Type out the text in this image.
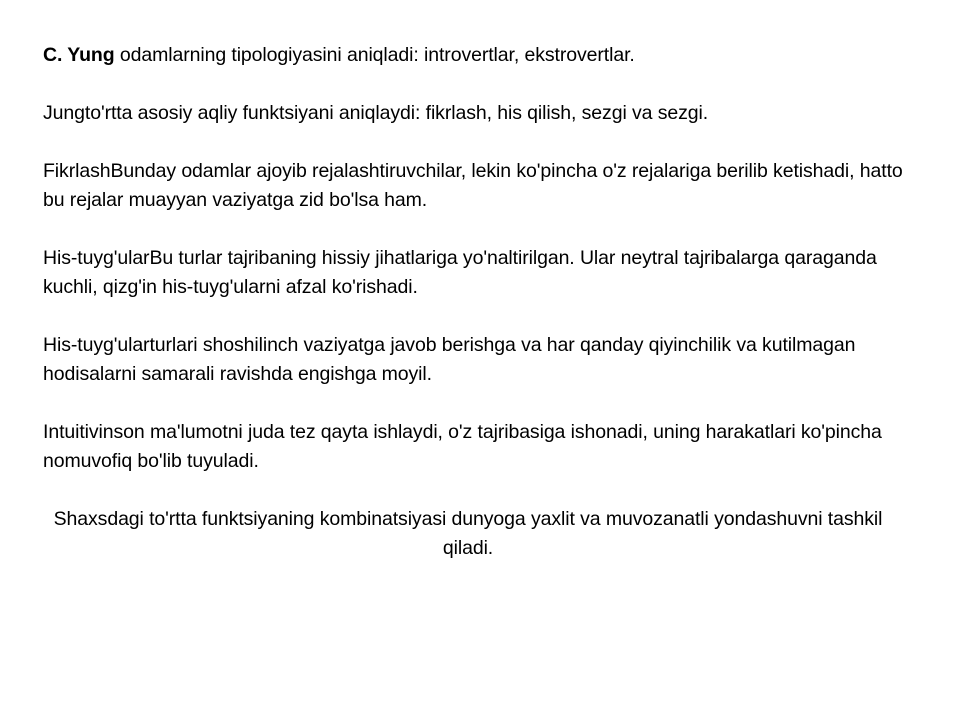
C. Yung odamlarning tipologiyasini aniqladi: introvertlar, ekstrovertlar.

Jungto'rtta asosiy aqliy funktsiyani aniqlaydi: fikrlash, his qilish, sezgi va sezgi.

FikrlashBunday odamlar ajoyib rejalashtiruvchilar, lekin ko'pincha o'z rejalariga berilib ketishadi, hatto bu rejalar muayyan vaziyatga zid bo'lsa ham.

His-tuyg'ularBu turlar tajribaning hissiy jihatlariga yo'naltirilgan. Ular neytral tajribalarga qaraganda kuchli, qizg'in his-tuyg'ularni afzal ko'rishadi.

His-tuyg'ularturlari shoshilinch vaziyatga javob berishga va har qanday qiyinchilik va kutilmagan hodisalarni samarali ravishda engishga moyil.

Intuitivinson ma'lumotni juda tez qayta ishlaydi, o'z tajribasiga ishonadi, uning harakatlari ko'pincha nomuvofiq bo'lib tuyuladi.

Shaxsdagi to'rtta funktsiyaning kombinatsiyasi dunyoga yaxlit va muvozanatli yondashuvni tashkil qiladi.
